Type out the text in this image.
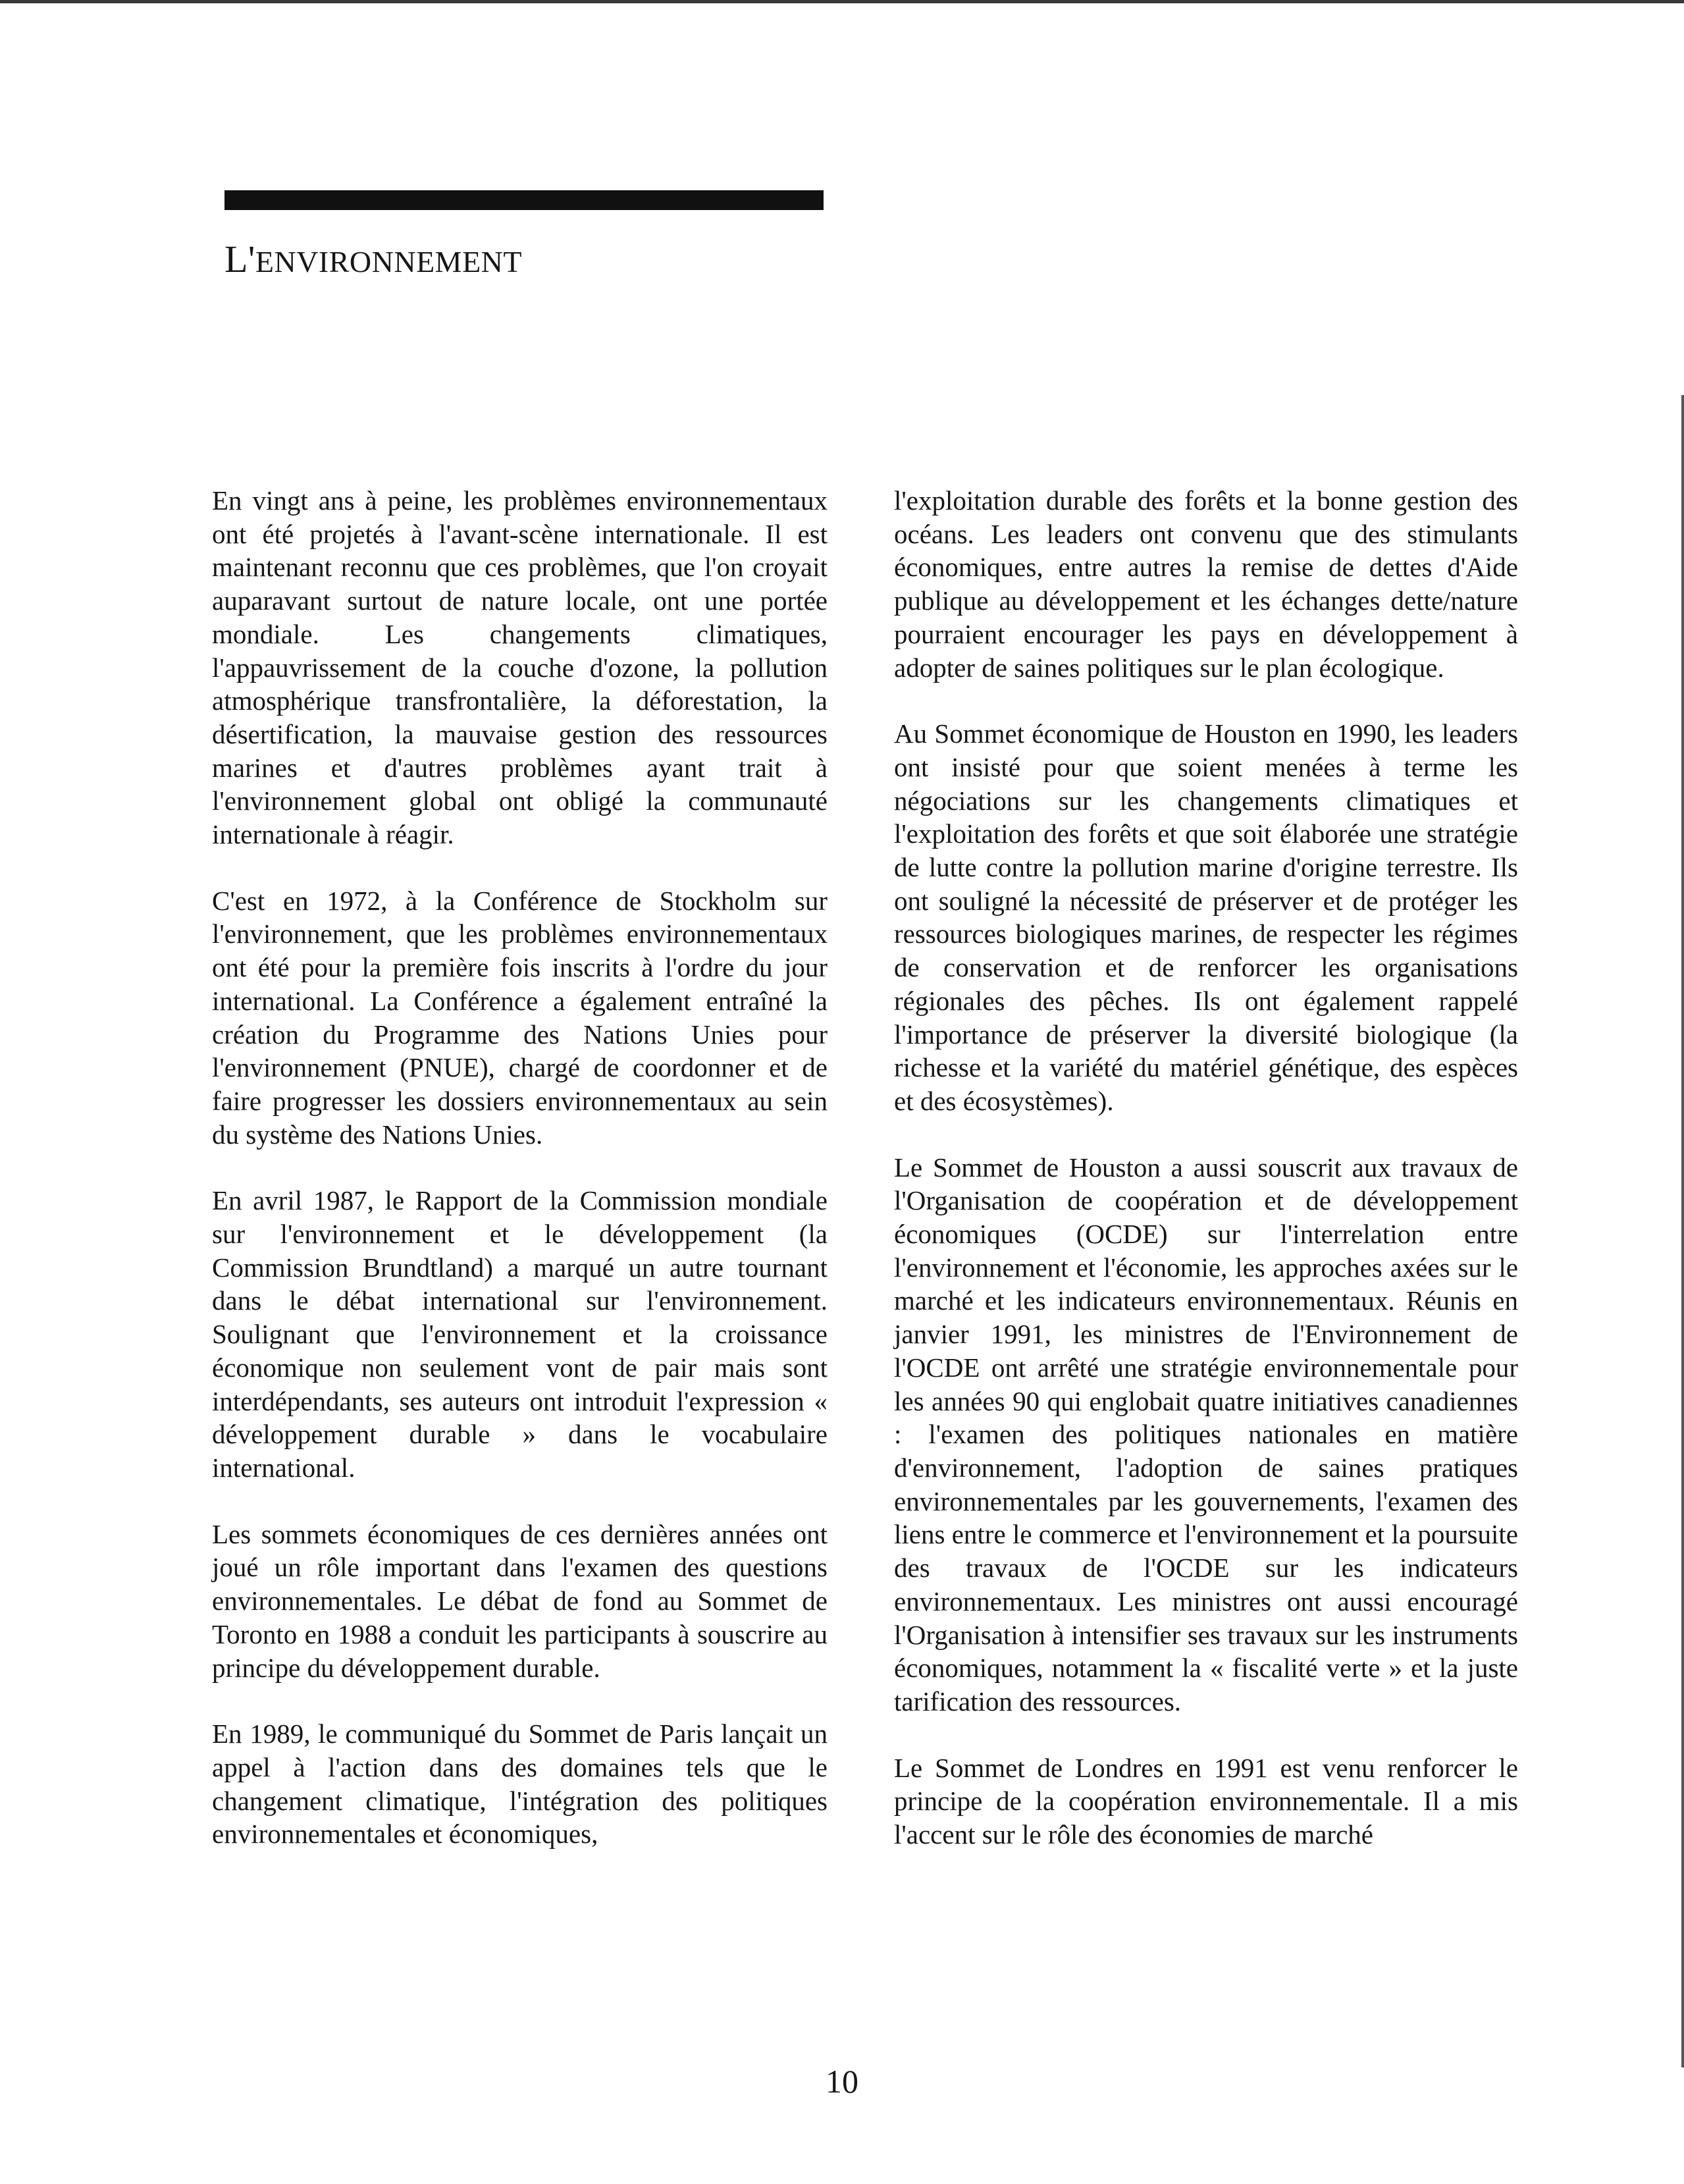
L'ENVIRONNEMENT

En vingt ans à peine, les problèmes environnementaux ont été projetés à l'avant-scène internationale. Il est maintenant reconnu que ces problèmes, que l'on croyait auparavant surtout de nature locale, ont une portée mondiale. Les changements climatiques, l'appauvrissement de la couche d'ozone, la pollution atmosphérique transfrontalière, la déforestation, la désertification, la mauvaise gestion des ressources marines et d'autres problèmes ayant trait à l'environnement global ont obligé la communauté internationale à réagir.

C'est en 1972, à la Conférence de Stockholm sur l'environnement, que les problèmes environnementaux ont été pour la première fois inscrits à l'ordre du jour international. La Conférence a également entraîné la création du Programme des Nations Unies pour l'environnement (PNUE), chargé de coordonner et de faire progresser les dossiers environnementaux au sein du système des Nations Unies.

En avril 1987, le Rapport de la Commission mondiale sur l'environnement et le développement (la Commission Brundtland) a marqué un autre tournant dans le débat international sur l'environnement. Soulignant que l'environnement et la croissance économique non seulement vont de pair mais sont interdépendants, ses auteurs ont introduit l'expression « développement durable » dans le vocabulaire international.

Les sommets économiques de ces dernières années ont joué un rôle important dans l'examen des questions environnementales. Le débat de fond au Sommet de Toronto en 1988 a conduit les participants à souscrire au principe du développement durable.

En 1989, le communiqué du Sommet de Paris lançait un appel à l'action dans des domaines tels que le changement climatique, l'intégration des politiques environnementales et économiques,

l'exploitation durable des forêts et la bonne gestion des océans. Les leaders ont convenu que des stimulants économiques, entre autres la remise de dettes d'Aide publique au développement et les échanges dette/nature pourraient encourager les pays en développement à adopter de saines politiques sur le plan écologique.

Au Sommet économique de Houston en 1990, les leaders ont insisté pour que soient menées à terme les négociations sur les changements climatiques et l'exploitation des forêts et que soit élaborée une stratégie de lutte contre la pollution marine d'origine terrestre. Ils ont souligné la nécessité de préserver et de protéger les ressources biologiques marines, de respecter les régimes de conservation et de renforcer les organisations régionales des pêches. Ils ont également rappelé l'importance de préserver la diversité biologique (la richesse et la variété du matériel génétique, des espèces et des écosystèmes).

Le Sommet de Houston a aussi souscrit aux travaux de l'Organisation de coopération et de développement économiques (OCDE) sur l'interrelation entre l'environnement et l'économie, les approches axées sur le marché et les indicateurs environnementaux. Réunis en janvier 1991, les ministres de l'Environnement de l'OCDE ont arrêté une stratégie environnementale pour les années 90 qui englobait quatre initiatives canadiennes : l'examen des politiques nationales en matière d'environnement, l'adoption de saines pratiques environnementales par les gouvernements, l'examen des liens entre le commerce et l'environnement et la poursuite des travaux de l'OCDE sur les indicateurs environnementaux. Les ministres ont aussi encouragé l'Organisation à intensifier ses travaux sur les instruments économiques, notamment la « fiscalité verte » et la juste tarification des ressources.

Le Sommet de Londres en 1991 est venu renforcer le principe de la coopération environnementale. Il a mis l'accent sur le rôle des économies de marché

10
